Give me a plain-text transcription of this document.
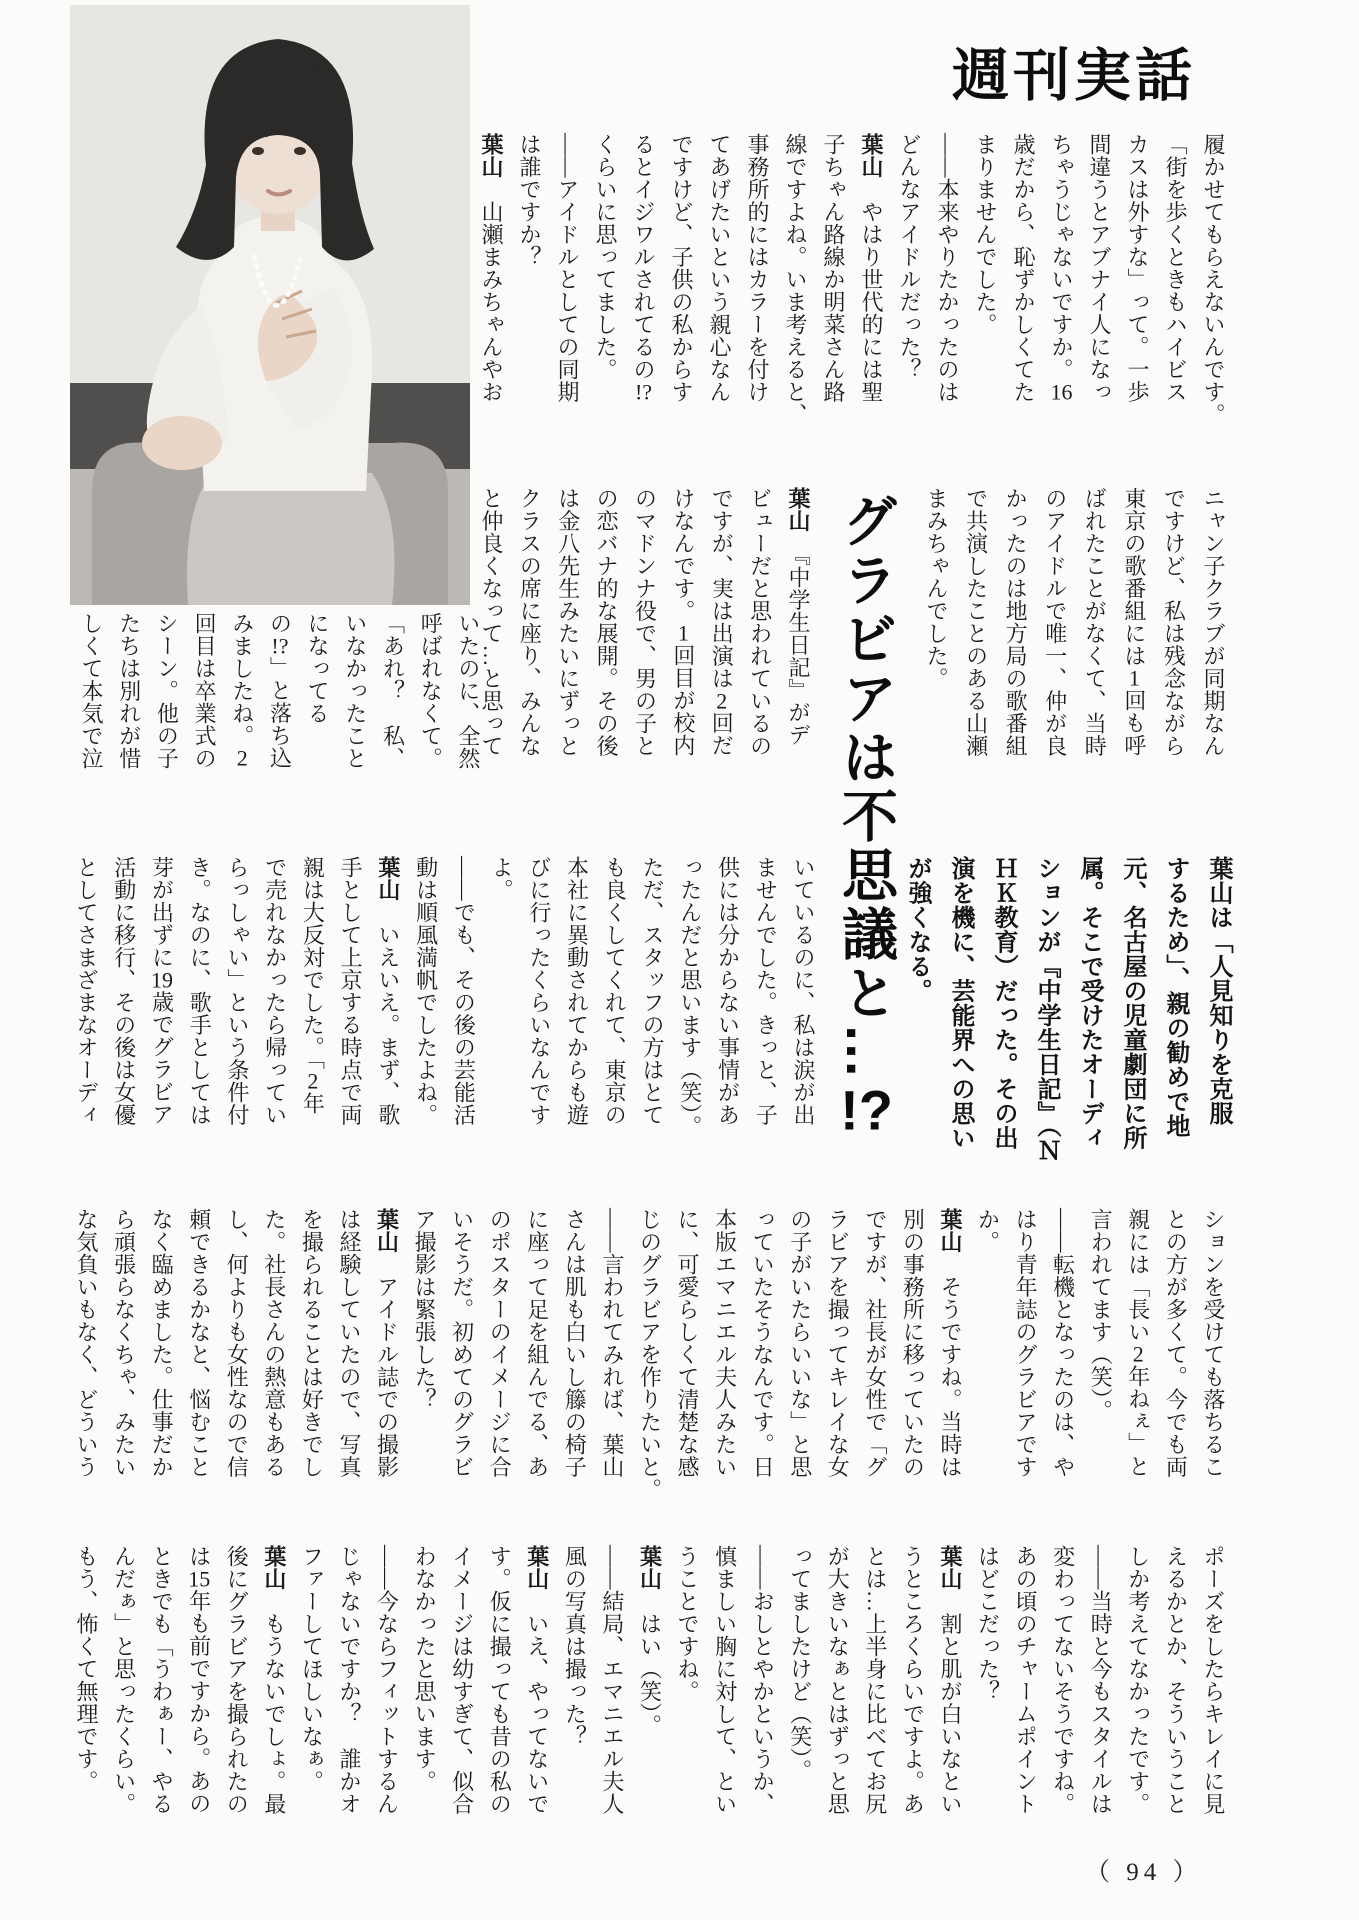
週刊実話
履かせてもらえないんです。
「街を歩くときもハイビス
カスは外すな」って。一歩
間違うとアブナイ人になっ
ちゃうじゃないですか。16
歳だから、恥ずかしくてた
まりませんでした。
――本来やりたかったのは
どんなアイドルだった？
葉山　やはり世代的には聖
子ちゃん路線か明菜さん路
線ですよね。いま考えると、
事務所的にはカラーを付け
てあげたいという親心なん
ですけど、子供の私からす
るとイジワルされてるの!?
くらいに思ってました。
――アイドルとしての同期
は誰ですか？
葉山　山瀬まみちゃんやお
ニャン子クラブが同期なん
ですけど、私は残念ながら
東京の歌番組には1回も呼
ばれたことがなくて、当時
のアイドルで唯一、仲が良
かったのは地方局の歌番組
で共演したことのある山瀬
まみちゃんでした。
グラビアは不思議と…!?
葉山　『中学生日記』がデ
ビューだと思われているの
ですが、実は出演は2回だ
けなんです。1回目が校内
のマドンナ役で、男の子と
の恋バナ的な展開。その後
は金八先生みたいにずっと
クラスの席に座り、みんな
と仲良くなって…と思って
いたのに、全然
呼ばれなくて。
「あれ？　私、
いなかったこと
になってる
の!?」と落ち込
みましたね。2
回目は卒業式の
シーン。他の子
たちは別れが惜
しくて本気で泣
葉山は「人見知りを克服
するため」、親の勧めで地
元、名古屋の児童劇団に所
属。そこで受けたオーディ
ションが『中学生日記』（Ｎ
ＨＫ教育）だった。その出
演を機に、芸能界への思い
が強くなる。
いているのに、私は涙が出
ませんでした。きっと、子
供には分からない事情があ
ったんだと思います（笑）。
ただ、スタッフの方はとて
も良くしてくれて、東京の
本社に異動されてからも遊
びに行ったくらいなんです
よ。
――でも、その後の芸能活
動は順風満帆でしたよね。
葉山　いえいえ。まず、歌
手として上京する時点で両
親は大反対でした。「2年
で売れなかったら帰ってい
らっしゃい」という条件付
き。なのに、歌手としては
芽が出ずに19歳でグラビア
活動に移行、その後は女優
としてさまざまなオーディ
ションを受けても落ちるこ
との方が多くて。今でも両
親には「長い2年ねぇ」と
言われてます（笑）。
――転機となったのは、や
はり青年誌のグラビアです
か。
葉山　そうですね。当時は
別の事務所に移っていたの
ですが、社長が女性で「グ
ラビアを撮ってキレイな女
の子がいたらいいな」と思
っていたそうなんです。日
本版エマニエル夫人みたい
に、可愛らしくて清楚な感
じのグラビアを作りたいと。
――言われてみれば、葉山
さんは肌も白いし籐の椅子
に座って足を組んでる、あ
のポスターのイメージに合
いそうだ。初めてのグラビ
ア撮影は緊張した？
葉山　アイドル誌での撮影
は経験していたので、写真
を撮られることは好きでし
た。社長さんの熱意もある
し、何よりも女性なので信
頼できるかなと、悩むこと
なく臨めました。仕事だか
ら頑張らなくちゃ、みたい
な気負いもなく、どういう
ポーズをしたらキレイに見
えるかとか、そういうこと
しか考えてなかったです。
――当時と今もスタイルは
変わってないそうですね。
あの頃のチャームポイント
はどこだった？
葉山　割と肌が白いなとい
うところくらいですよ。あ
とは…上半身に比べてお尻
が大きいなぁとはずっと思
ってましたけど（笑）。
――おしとやかというか、
慎ましい胸に対して、とい
うことですね。
葉山　はい（笑）。
――結局、エマニエル夫人
風の写真は撮った？
葉山　いえ、やってないで
す。仮に撮っても昔の私の
イメージは幼すぎて、似合
わなかったと思います。
――今ならフィットするん
じゃないですか？　誰かオ
ファーしてほしいなぁ。
葉山　もうないでしょ。最
後にグラビアを撮られたの
は15年も前ですから。あの
ときでも「うわぁー、やる
んだぁ」と思ったくらい。
もう、怖くて無理です。
（ 94 ）
